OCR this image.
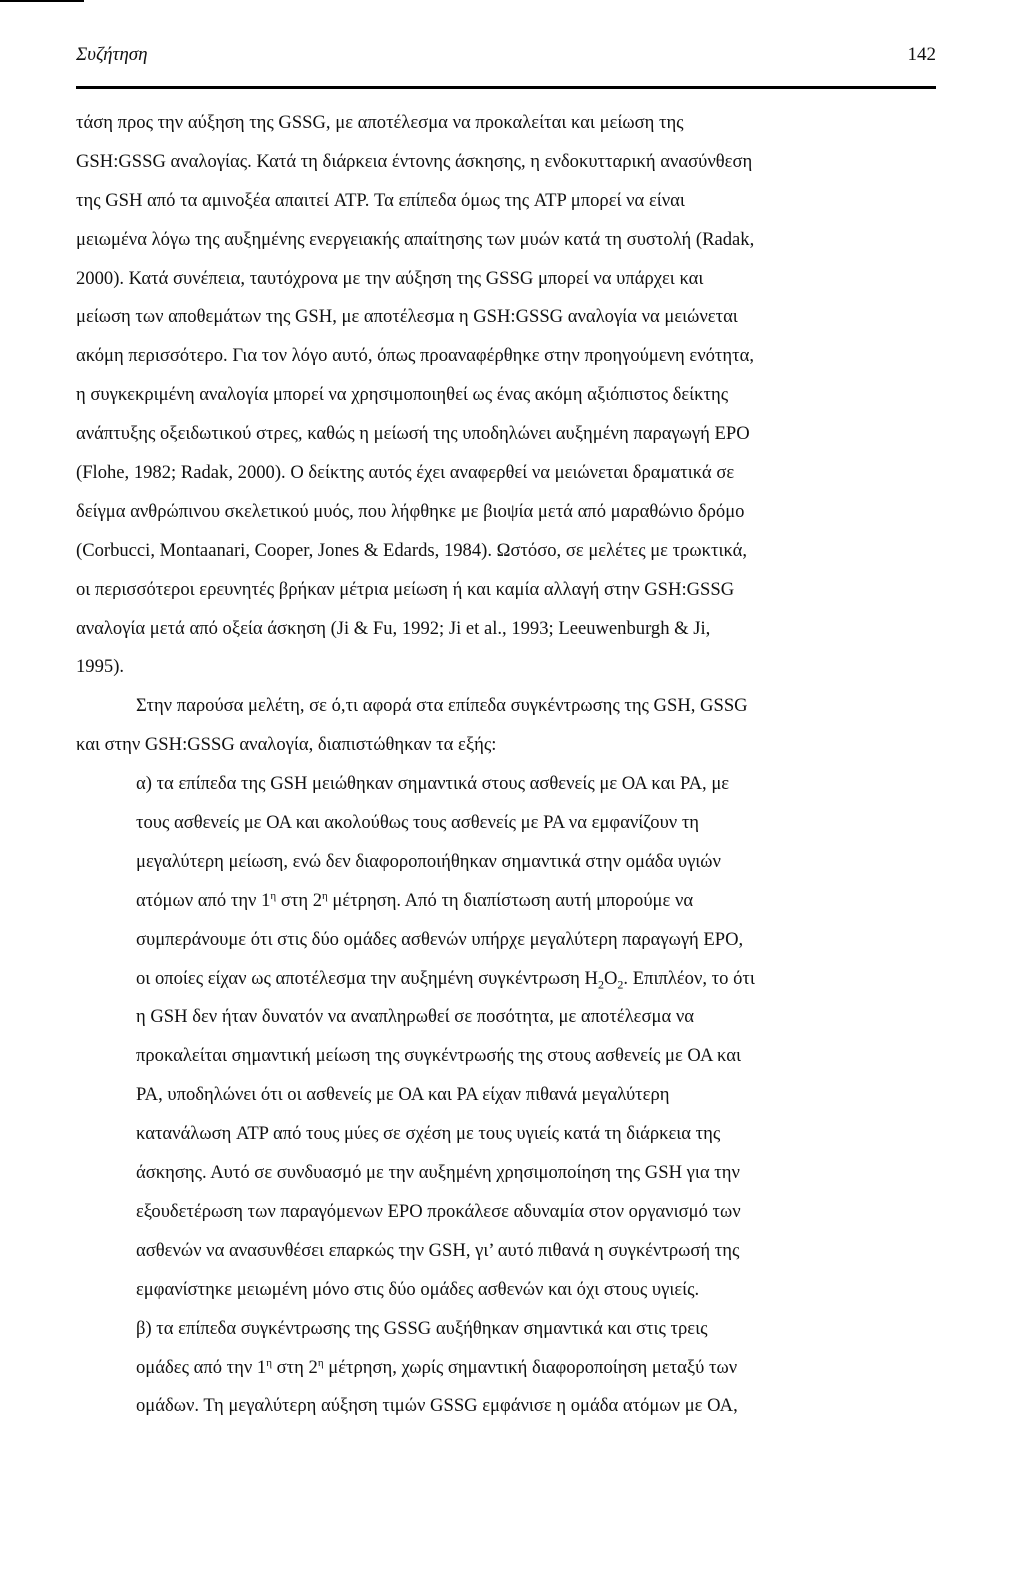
Συζήτηση	142
τάση προς την αύξηση της GSSG, με αποτέλεσμα να προκαλείται και μείωση της
GSH:GSSG αναλογίας. Κατά τη διάρκεια έντονης άσκησης, η ενδοκυτταρική ανασύνθεση
της GSH από τα αμινοξέα απαιτεί ATP. Τα επίπεδα όμως της ATP μπορεί να είναι
μειωμένα λόγω της αυξημένης ενεργειακής απαίτησης των μυών κατά τη συστολή (Radak,
2000). Κατά συνέπεια, ταυτόχρονα με την αύξηση της GSSG μπορεί να υπάρχει και
μείωση των αποθεμάτων της GSH, με αποτέλεσμα η GSH:GSSG αναλογία να μειώνεται
ακόμη περισσότερο. Για τον λόγο αυτό, όπως προαναφέρθηκε στην προηγούμενη ενότητα,
η συγκεκριμένη αναλογία μπορεί να χρησιμοποιηθεί ως ένας ακόμη αξιόπιστος δείκτης
ανάπτυξης οξειδωτικού στρες, καθώς η μείωσή της υποδηλώνει αυξημένη παραγωγή ΕΡΟ
(Flohe, 1982; Radak, 2000). Ο δείκτης αυτός έχει αναφερθεί να μειώνεται δραματικά σε
δείγμα ανθρώπινου σκελετικού μυός, που λήφθηκε με βιοψία μετά από μαραθώνιο δρόμο
(Corbucci, Montaanari, Cooper, Jones & Edards, 1984). Ωστόσο, σε μελέτες με τρωκτικά,
οι περισσότεροι ερευνητές βρήκαν μέτρια μείωση ή και καμία αλλαγή στην GSH:GSSG
αναλογία μετά από οξεία άσκηση (Ji & Fu, 1992; Ji et al., 1993; Leeuwenburgh & Ji,
1995).
Στην παρούσα μελέτη, σε ό,τι αφορά στα επίπεδα συγκέντρωσης της GSH, GSSG
και στην GSH:GSSG αναλογία, διαπιστώθηκαν τα εξής:
α) τα επίπεδα της GSH μειώθηκαν σημαντικά στους ασθενείς με ΟΑ και ΡΑ, με
τους ασθενείς με ΟΑ και ακολούθως τους ασθενείς με ΡΑ να εμφανίζουν τη
μεγαλύτερη μείωση, ενώ δεν διαφοροποιήθηκαν σημαντικά στην ομάδα υγιών
ατόμων από την $1^\eta$ στη $2^\eta$ μέτρηση. Από τη διαπίστωση αυτή μπορούμε να
συμπεράνουμε ότι στις δύο ομάδες ασθενών υπήρχε μεγαλύτερη παραγωγή ΕΡΟ,
οι οποίες είχαν ως αποτέλεσμα την αυξημένη συγκέντρωση $H_2O_2$. Επιπλέον, το ότι
η GSH δεν ήταν δυνατόν να αναπληρωθεί σε ποσότητα, με αποτέλεσμα να
προκαλείται σημαντική μείωση της συγκέντρωσής της στους ασθενείς με ΟΑ και
ΡΑ, υποδηλώνει ότι οι ασθενείς με ΟΑ και ΡΑ είχαν πιθανά μεγαλύτερη
κατανάλωση ATP από τους μύες σε σχέση με τους υγιείς κατά τη διάρκεια της
άσκησης. Αυτό σε συνδυασμό με την αυξημένη χρησιμοποίηση της GSH για την
εξουδετέρωση των παραγόμενων ΕΡΟ προκάλεσε αδυναμία στον οργανισμό των
ασθενών να ανασυνθέσει επαρκώς την GSH, γι’ αυτό πιθανά η συγκέντρωσή της
εμφανίστηκε μειωμένη μόνο στις δύο ομάδες ασθενών και όχι στους υγιείς.
β) τα επίπεδα συγκέντρωσης της GSSG αυξήθηκαν σημαντικά και στις τρεις
ομάδες από την $1^\eta$ στη $2^\eta$ μέτρηση, χωρίς σημαντική διαφοροποίηση μεταξύ των
ομάδων. Τη μεγαλύτερη αύξηση τιμών GSSG εμφάνισε η ομάδα ατόμων με ΟΑ,
